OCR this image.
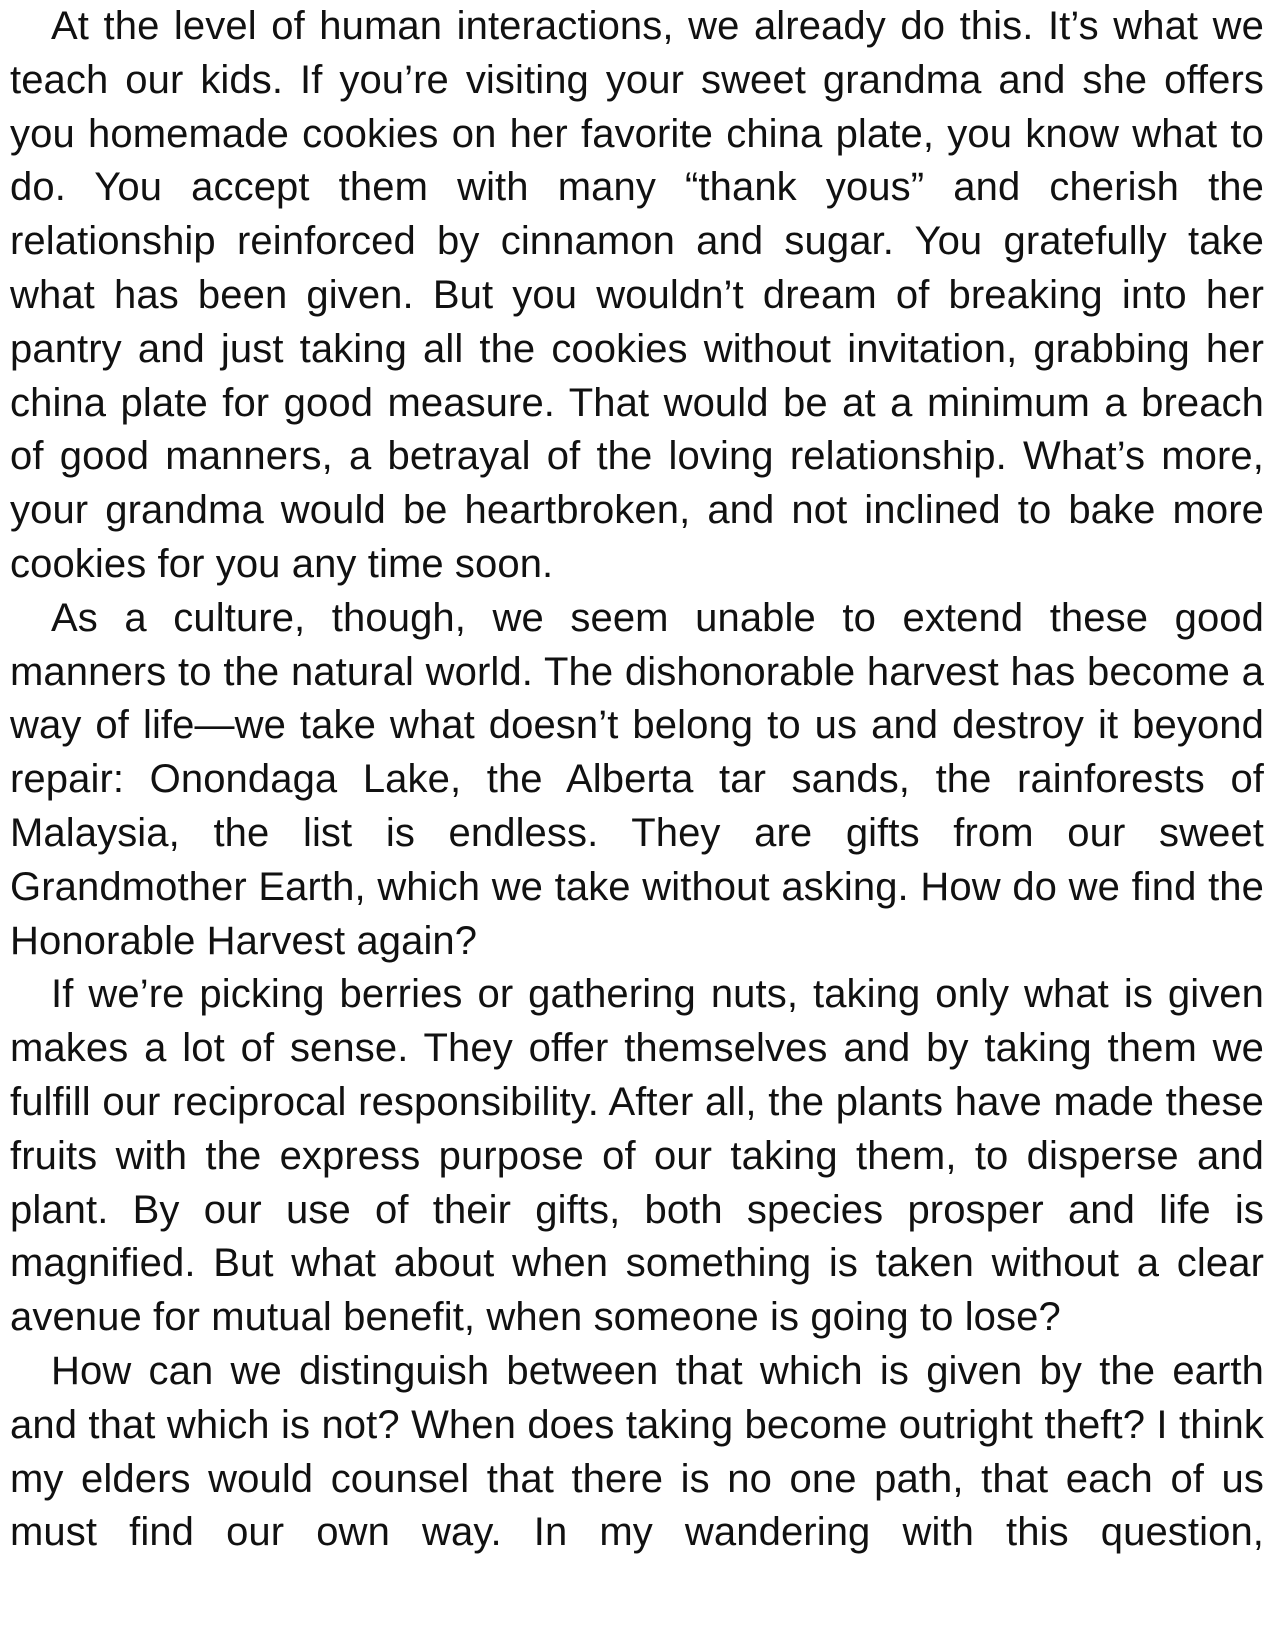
At the level of human interactions, we already do this. It’s what we teach our kids. If you’re visiting your sweet grandma and she offers you homemade cookies on her favorite china plate, you know what to do. You accept them with many “thank yous” and cherish the relationship reinforced by cinnamon and sugar. You gratefully take what has been given. But you wouldn’t dream of breaking into her pantry and just taking all the cookies without invitation, grabbing her china plate for good measure. That would be at a minimum a breach of good manners, a betrayal of the loving relationship. What’s more, your grandma would be heartbroken, and not inclined to bake more cookies for you any time soon.

As a culture, though, we seem unable to extend these good manners to the natural world. The dishonorable harvest has become a way of life—we take what doesn’t belong to us and destroy it beyond repair: Onondaga Lake, the Alberta tar sands, the rainforests of Malaysia, the list is endless. They are gifts from our sweet Grandmother Earth, which we take without asking. How do we find the Honorable Harvest again?

If we’re picking berries or gathering nuts, taking only what is given makes a lot of sense. They offer themselves and by taking them we fulfill our reciprocal responsibility. After all, the plants have made these fruits with the express purpose of our taking them, to disperse and plant. By our use of their gifts, both species prosper and life is magnified. But what about when something is taken without a clear avenue for mutual benefit, when someone is going to lose?

How can we distinguish between that which is given by the earth and that which is not? When does taking become outright theft? I think my elders would counsel that there is no one path, that each of us must find our own way. In my wandering with this question,
